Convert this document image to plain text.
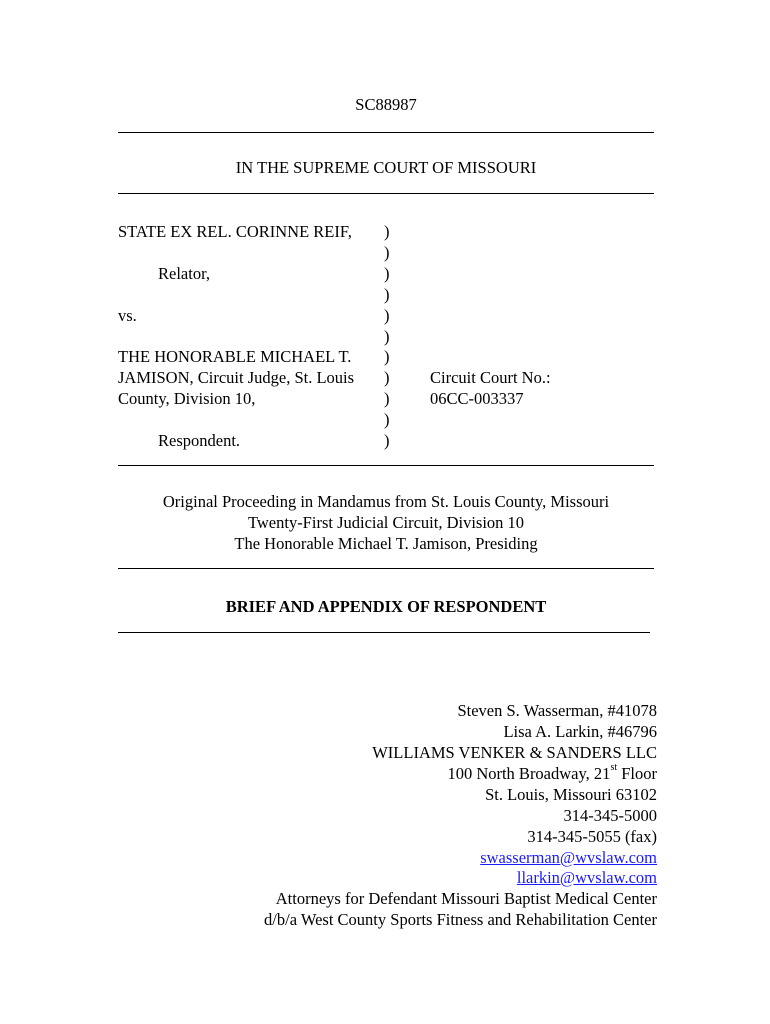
SC88987
IN THE SUPREME COURT OF MISSOURI
STATE EX REL. CORINNE REIF,
Relator,
vs.
THE HONORABLE MICHAEL T.
JAMISON, Circuit Judge, St. Louis
County, Division 10,
Respondent.
)
)
)
)
)
)
)
)
)
)
)
Circuit Court No.:
06CC-003337
Original Proceeding in Mandamus from St. Louis County, Missouri
Twenty-First Judicial Circuit, Division 10
The Honorable Michael T. Jamison, Presiding
BRIEF AND APPENDIX OF RESPONDENT
Steven S. Wasserman, #41078
Lisa A. Larkin, #46796
WILLIAMS VENKER & SANDERS LLC
100 North Broadway, 21st Floor
St. Louis, Missouri 63102
314-345-5000
314-345-5055 (fax)
swasserman@wvslaw.com
llarkin@wvslaw.com
Attorneys for Defendant Missouri Baptist Medical Center
d/b/a West County Sports Fitness and Rehabilitation Center
